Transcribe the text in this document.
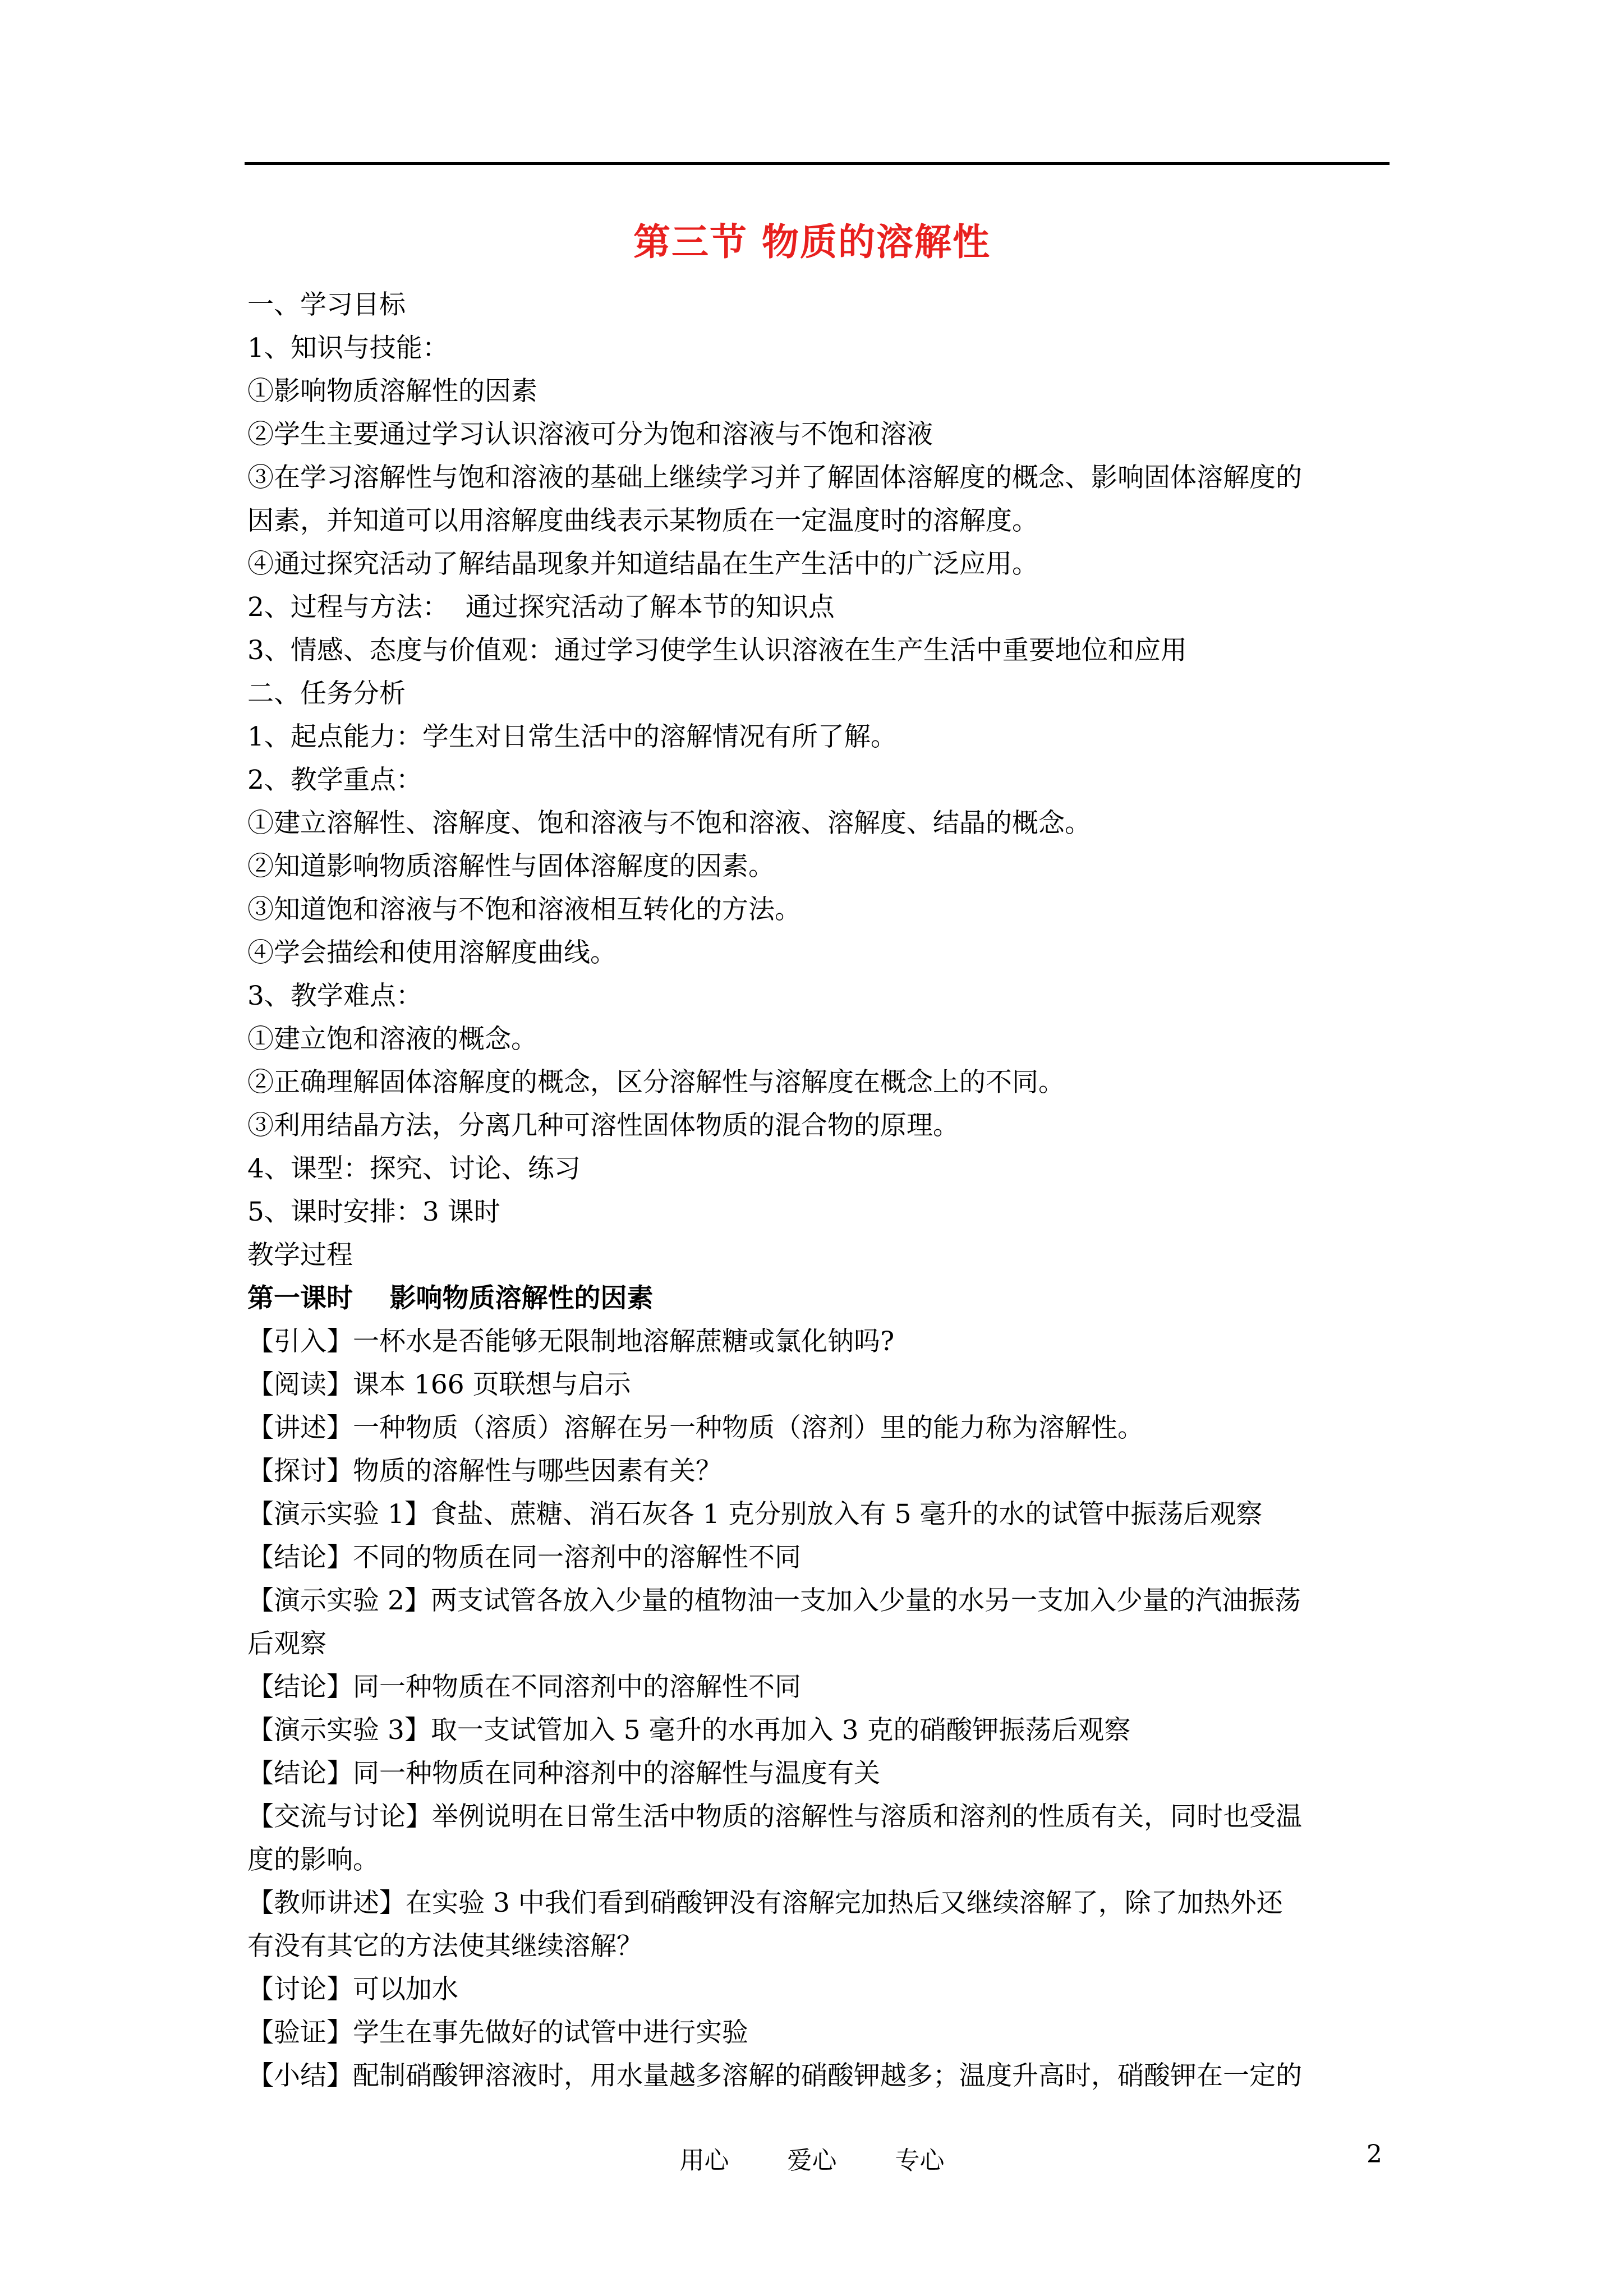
第三节 物质的溶解性
一、学习目标
1、知识与技能：
①影响物质溶解性的因素
②学生主要通过学习认识溶液可分为饱和溶液与不饱和溶液
③在学习溶解性与饱和溶液的基础上继续学习并了解固体溶解度的概念、影响固体溶解度的
因素，并知道可以用溶解度曲线表示某物质在一定温度时的溶解度。
④通过探究活动了解结晶现象并知道结晶在生产生活中的广泛应用。
2、过程与方法：  通过探究活动了解本节的知识点
3、情感、态度与价值观：通过学习使学生认识溶液在生产生活中重要地位和应用
二、任务分析
1、起点能力：学生对日常生活中的溶解情况有所了解。
2、教学重点：
①建立溶解性、溶解度、饱和溶液与不饱和溶液、溶解度、结晶的概念。
②知道影响物质溶解性与固体溶解度的因素。
③知道饱和溶液与不饱和溶液相互转化的方法。
④学会描绘和使用溶解度曲线。
3、教学难点：
①建立饱和溶液的概念。
②正确理解固体溶解度的概念，区分溶解性与溶解度在概念上的不同。
③利用结晶方法，分离几种可溶性固体物质的混合物的原理。
4、课型：探究、讨论、练习
5、课时安排：3 课时
教学过程
第一课时    影响物质溶解性的因素
【引入】一杯水是否能够无限制地溶解蔗糖或氯化钠吗?
【阅读】课本 166 页联想与启示
【讲述】一种物质（溶质）溶解在另一种物质（溶剂）里的能力称为溶解性。
【探讨】物质的溶解性与哪些因素有关？
【演示实验 1】食盐、蔗糖、消石灰各 1 克分别放入有 5 毫升的水的试管中振荡后观察
【结论】不同的物质在同一溶剂中的溶解性不同
【演示实验 2】两支试管各放入少量的植物油一支加入少量的水另一支加入少量的汽油振荡
后观察
【结论】同一种物质在不同溶剂中的溶解性不同
【演示实验 3】取一支试管加入 5 毫升的水再加入 3 克的硝酸钾振荡后观察
【结论】同一种物质在同种溶剂中的溶解性与温度有关
【交流与讨论】举例说明在日常生活中物质的溶解性与溶质和溶剂的性质有关，同时也受温
度的影响。
【教师讲述】在实验 3 中我们看到硝酸钾没有溶解完加热后又继续溶解了，除了加热外还
有没有其它的方法使其继续溶解？
【讨论】可以加水
【验证】学生在事先做好的试管中进行实验
【小结】配制硝酸钾溶液时，用水量越多溶解的硝酸钾越多；温度升高时，硝酸钾在一定的
用心 爱心 专心	2
